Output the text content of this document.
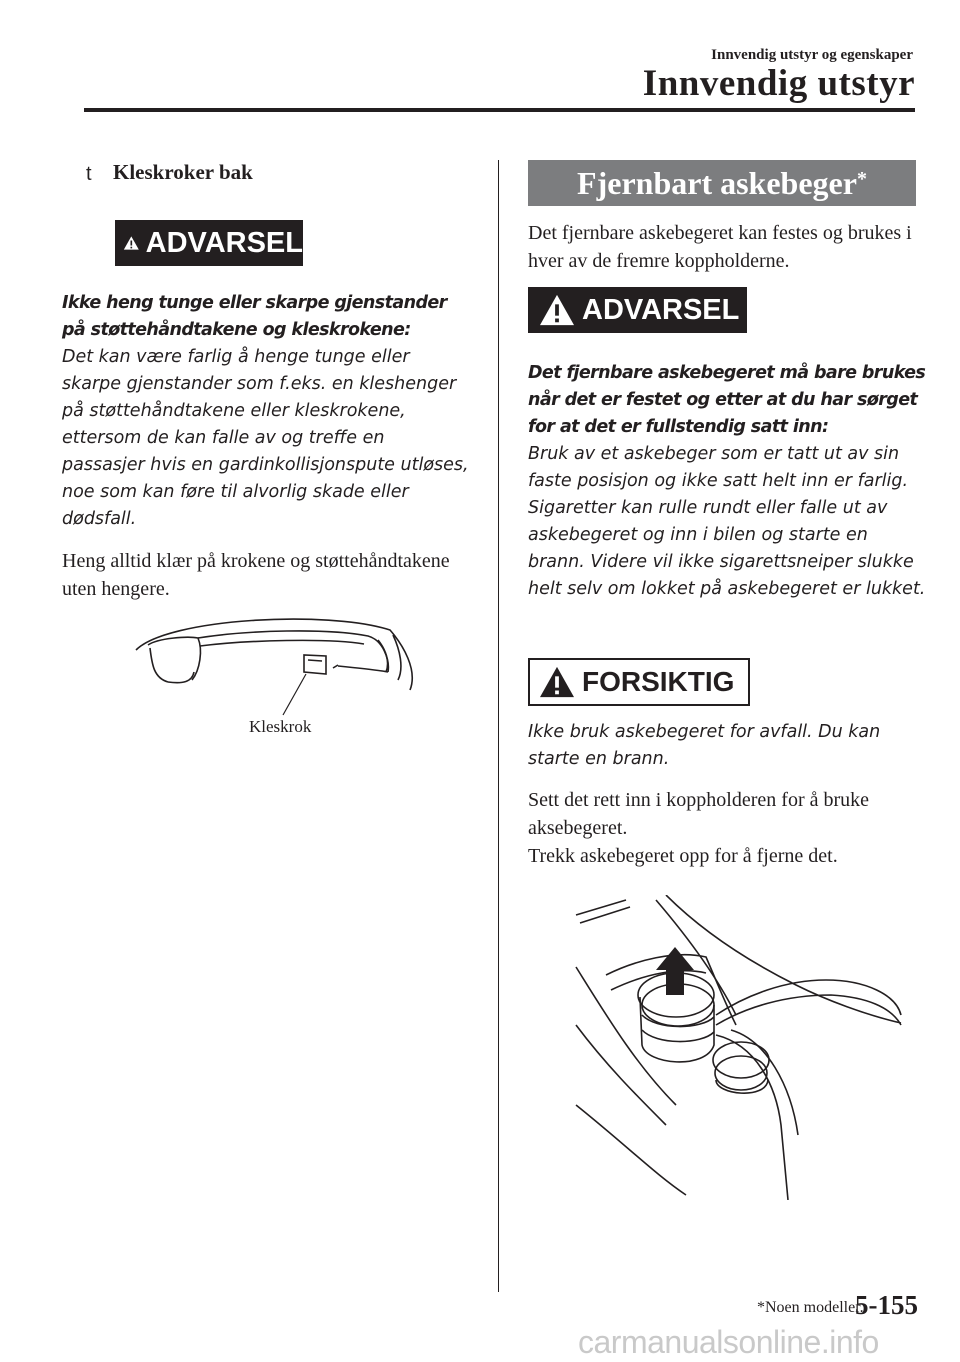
Innvendig utstyr og egenskaper
Innvendig utstyr
t Kleskroker bak
ADVARSEL
Ikke heng tunge eller skarpe gjenstander på støttehåndtakene og kleskrokene:
Det kan være farlig å henge tunge eller skarpe gjenstander som f.eks. en kleshenger på støttehåndtakene eller kleskrokene, ettersom de kan falle av og treffe en passasjer hvis en gardinkollisjonspute utløses, noe som kan føre til alvorlig skade eller dødsfall.
Heng alltid klær på krokene og støttehåndtakene uten hengere.
Kleskrok
Fjernbart askebeger*
Det fjernbare askebegeret kan festes og brukes i hver av de fremre koppholderne.
ADVARSEL
Det fjernbare askebegeret må bare brukes når det er festet og etter at du har sørget for at det er fullstendig satt inn:
Bruk av et askebeger som er tatt ut av sin faste posisjon og ikke satt helt inn er farlig. Sigaretter kan rulle rundt eller falle ut av askebegeret og inn i bilen og starte en brann. Videre vil ikke sigarettsneiper slukke helt selv om lokket på askebegeret er lukket.
FORSIKTIG
Ikke bruk askebegeret for avfall. Du kan starte en brann.
Sett det rett inn i koppholderen for å bruke aksebegeret.
Trekk askebegeret opp for å fjerne det.
*Noen modeller.
5-155
carmanualsonline.info
